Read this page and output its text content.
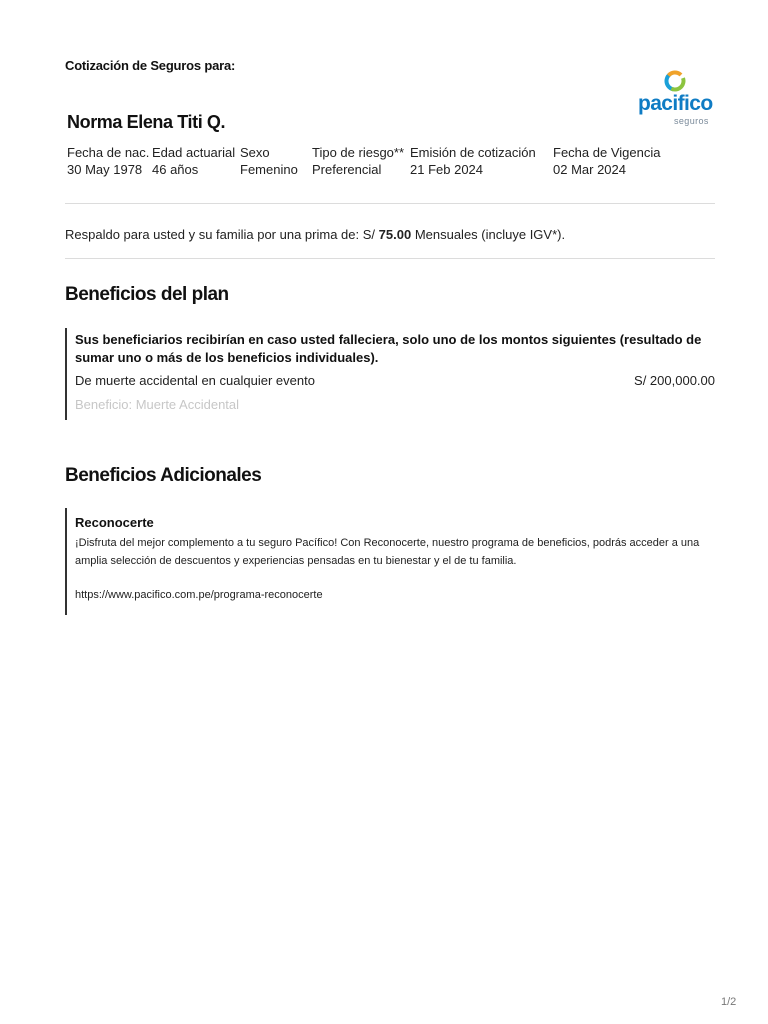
Cotización de Seguros para:
pacifico
seguros
Norma Elena Titi Q.
Fecha de nac.
30 May 1978
Edad actuarial
46 años
Sexo
Femenino
Tipo de riesgo**
Preferencial
Emisión de cotización
21 Feb 2024
Fecha de Vigencia
02 Mar 2024
Respaldo para usted y su familia por una prima de: S/ 75.00 Mensuales (incluye IGV*).
Beneficios del plan
Sus beneficiarios recibirían en caso usted falleciera, solo uno de los montos siguientes (resultado de sumar uno o más de los beneficios individuales).
De muerte accidental en cualquier evento	S/ 200,000.00
Beneficio: Muerte Accidental
Beneficios Adicionales
Reconocerte
¡Disfruta del mejor complemento a tu seguro Pacífico! Con Reconocerte, nuestro programa de beneficios, podrás acceder a una amplia selección de descuentos y experiencias pensadas en tu bienestar y el de tu familia.
https://www.pacifico.com.pe/programa-reconocerte
1/2
